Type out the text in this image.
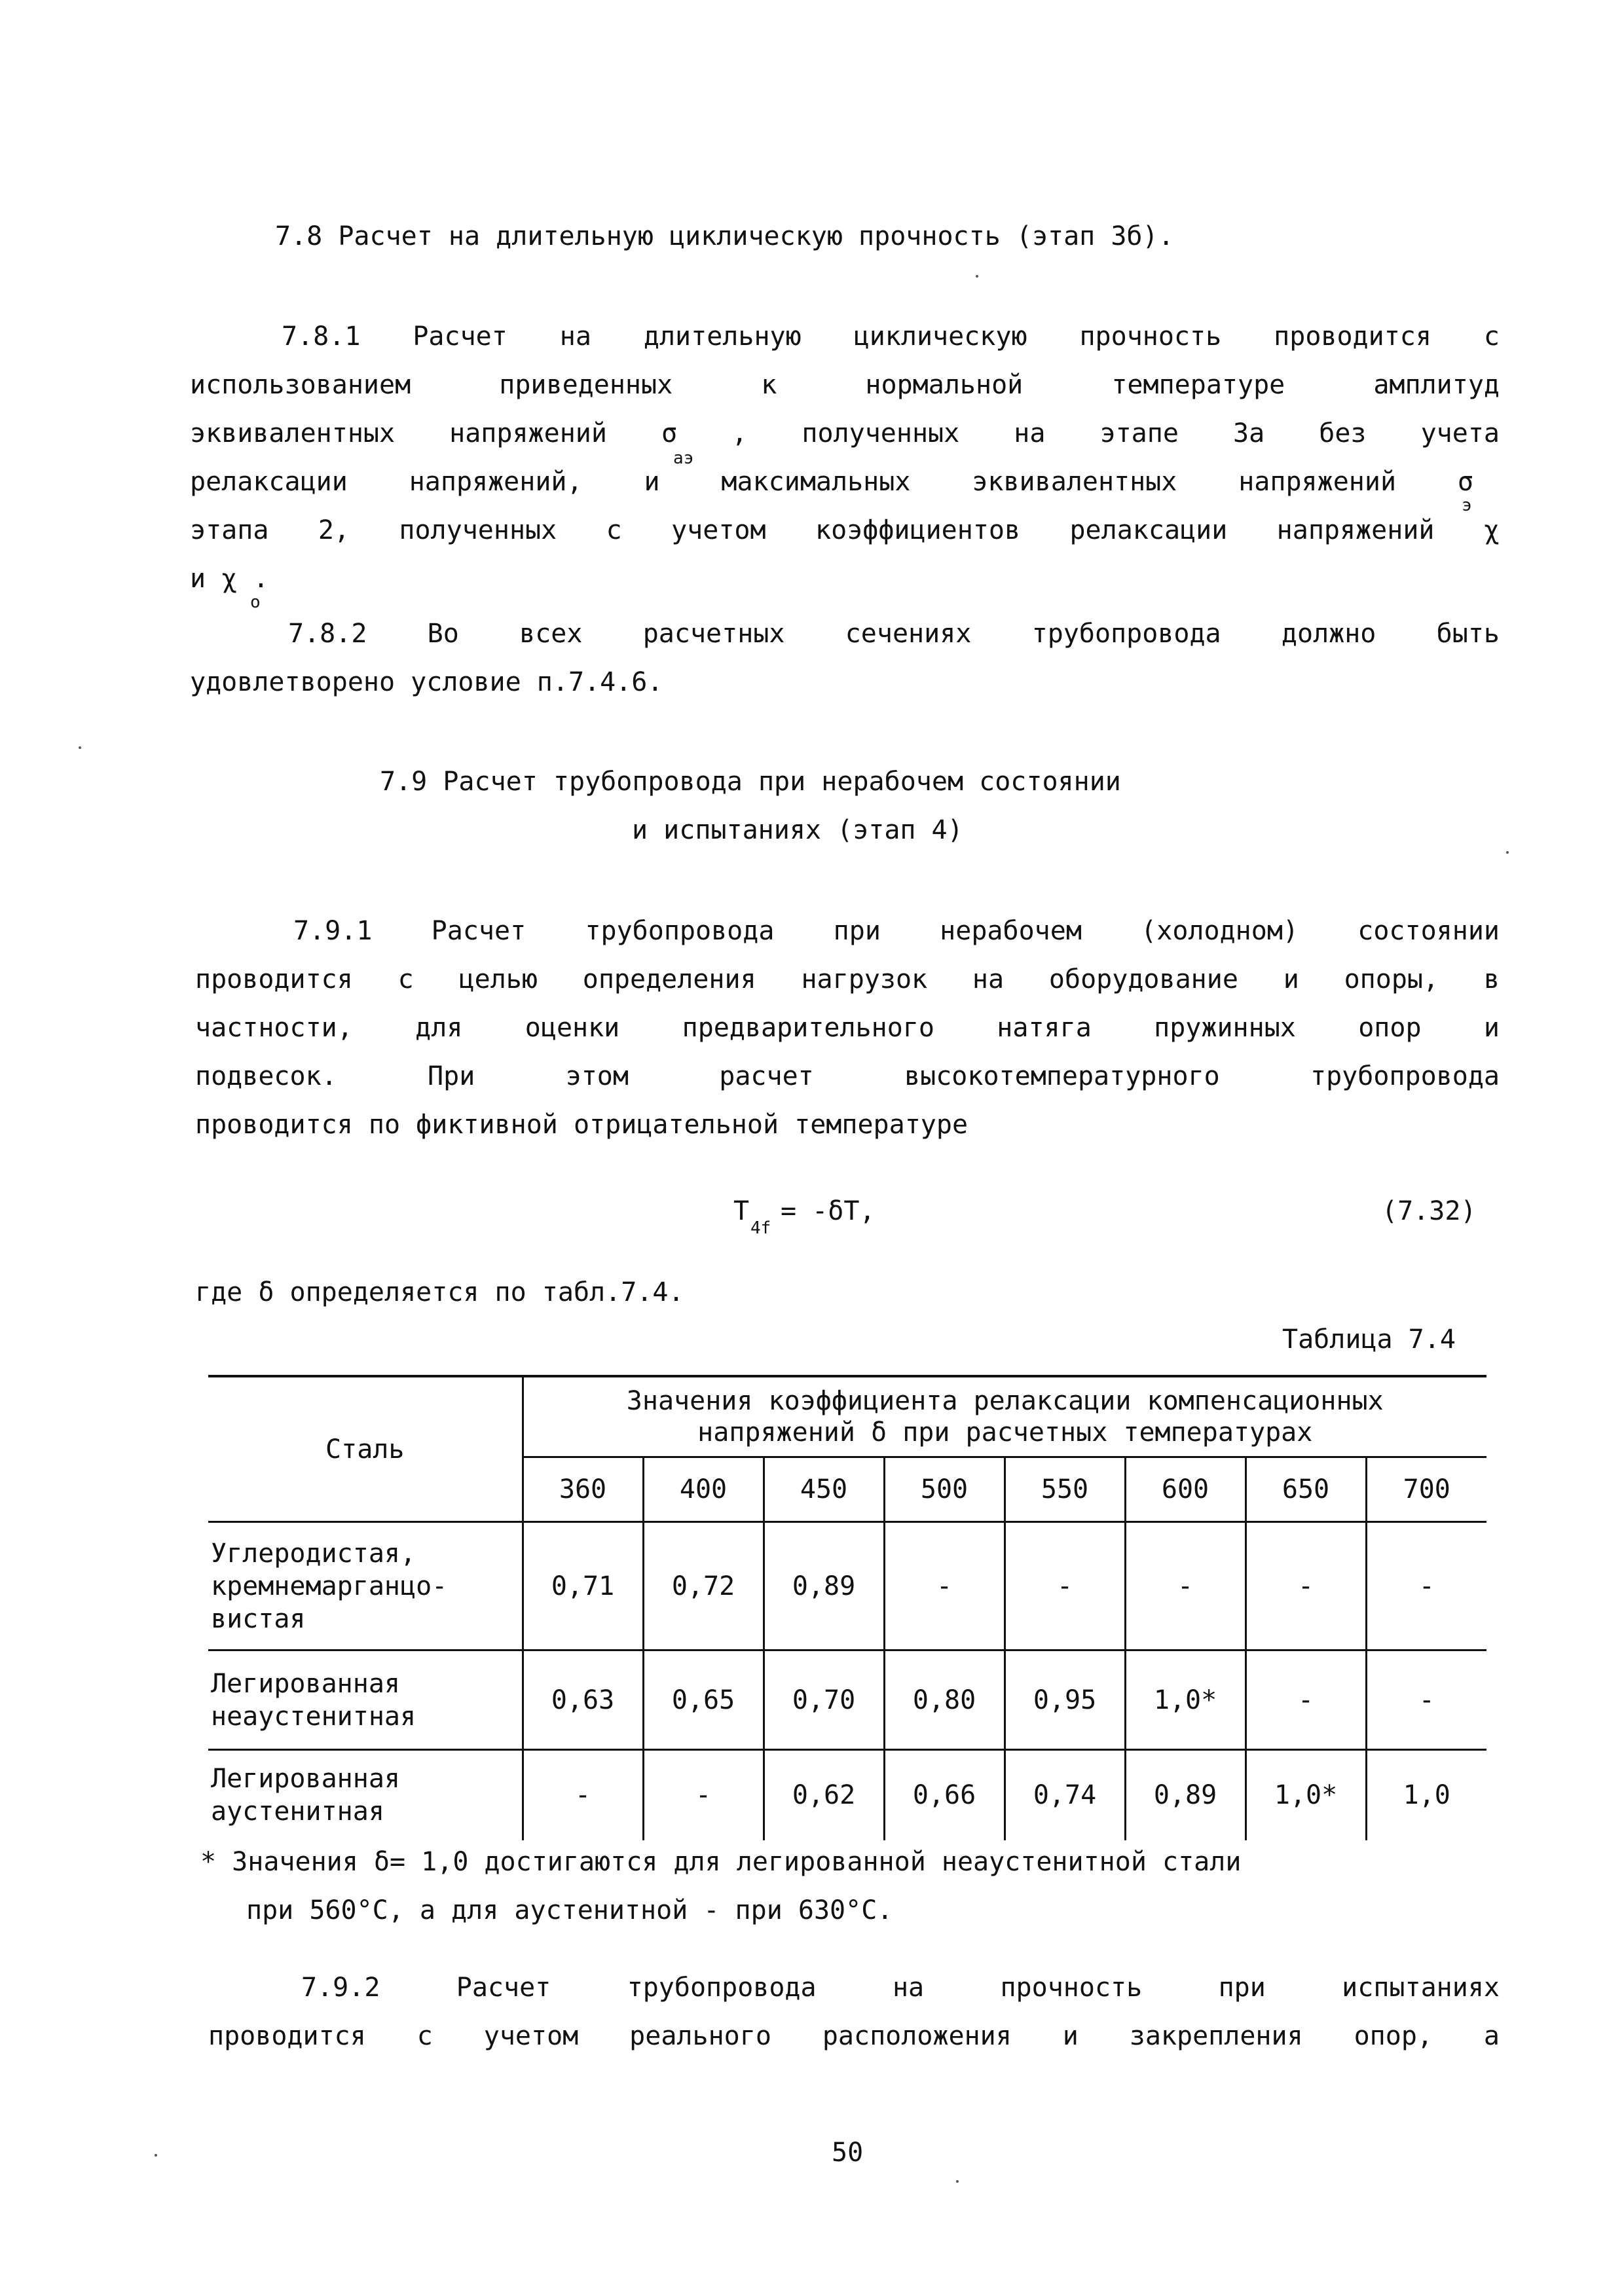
7.8 Расчет на длительную циклическую прочность (этап 3б).
7.8.1 Расчет на длительную циклическую прочность проводится с
использованием приведенных к нормальной температуре амплитуд
эквивалентных напряжений σ , полученных на этапе 3а без учета
аэ
релаксации напряжений, и максимальных эквивалентных напряжений σ
э
этапа 2, полученных с учетом коэффициентов релаксации напряжений χ
и χ .
о
7.8.2 Во всех расчетных сечениях трубопровода должно быть
удовлетворено условие п.7.4.6.
7.9 Расчет трубопровода при нерабочем состоянии
и испытаниях (этап 4)
7.9.1 Расчет трубопровода при нерабочем (холодном) состоянии
проводится с целью определения нагрузок на оборудование и опоры, в
частности, для оценки предварительного натяга пружинных опор и
подвесок. При этом расчет высокотемпературного трубопровода
проводится по фиктивной отрицательной температуре
T
4f
= -δT,	(7.32)
где δ определяется по табл.7.4.
Таблица 7.4
Сталь	Значения коэффициента релаксации компенсационных
напряжений δ при расчетных температурах							

	360	400	450	500	550	600	650	700

Углеродистая,
кремнемарганцо-
вистая	0,71	0,72	0,89	-	-	-	-	-

Легированная
неаустенитная	0,63	0,65	0,70	0,80	0,95	1,0*	-	-

Легированная
аустенитная	-	-	0,62	0,66	0,74	0,89	1,0*	1,0
* Значения δ= 1,0 достигаются для легированной неаустенитной стали
при 560°C, а для аустенитной - при 630°C.
7.9.2 Расчет трубопровода на прочность при испытаниях
проводится с учетом реального расположения и закрепления опор, а
50
